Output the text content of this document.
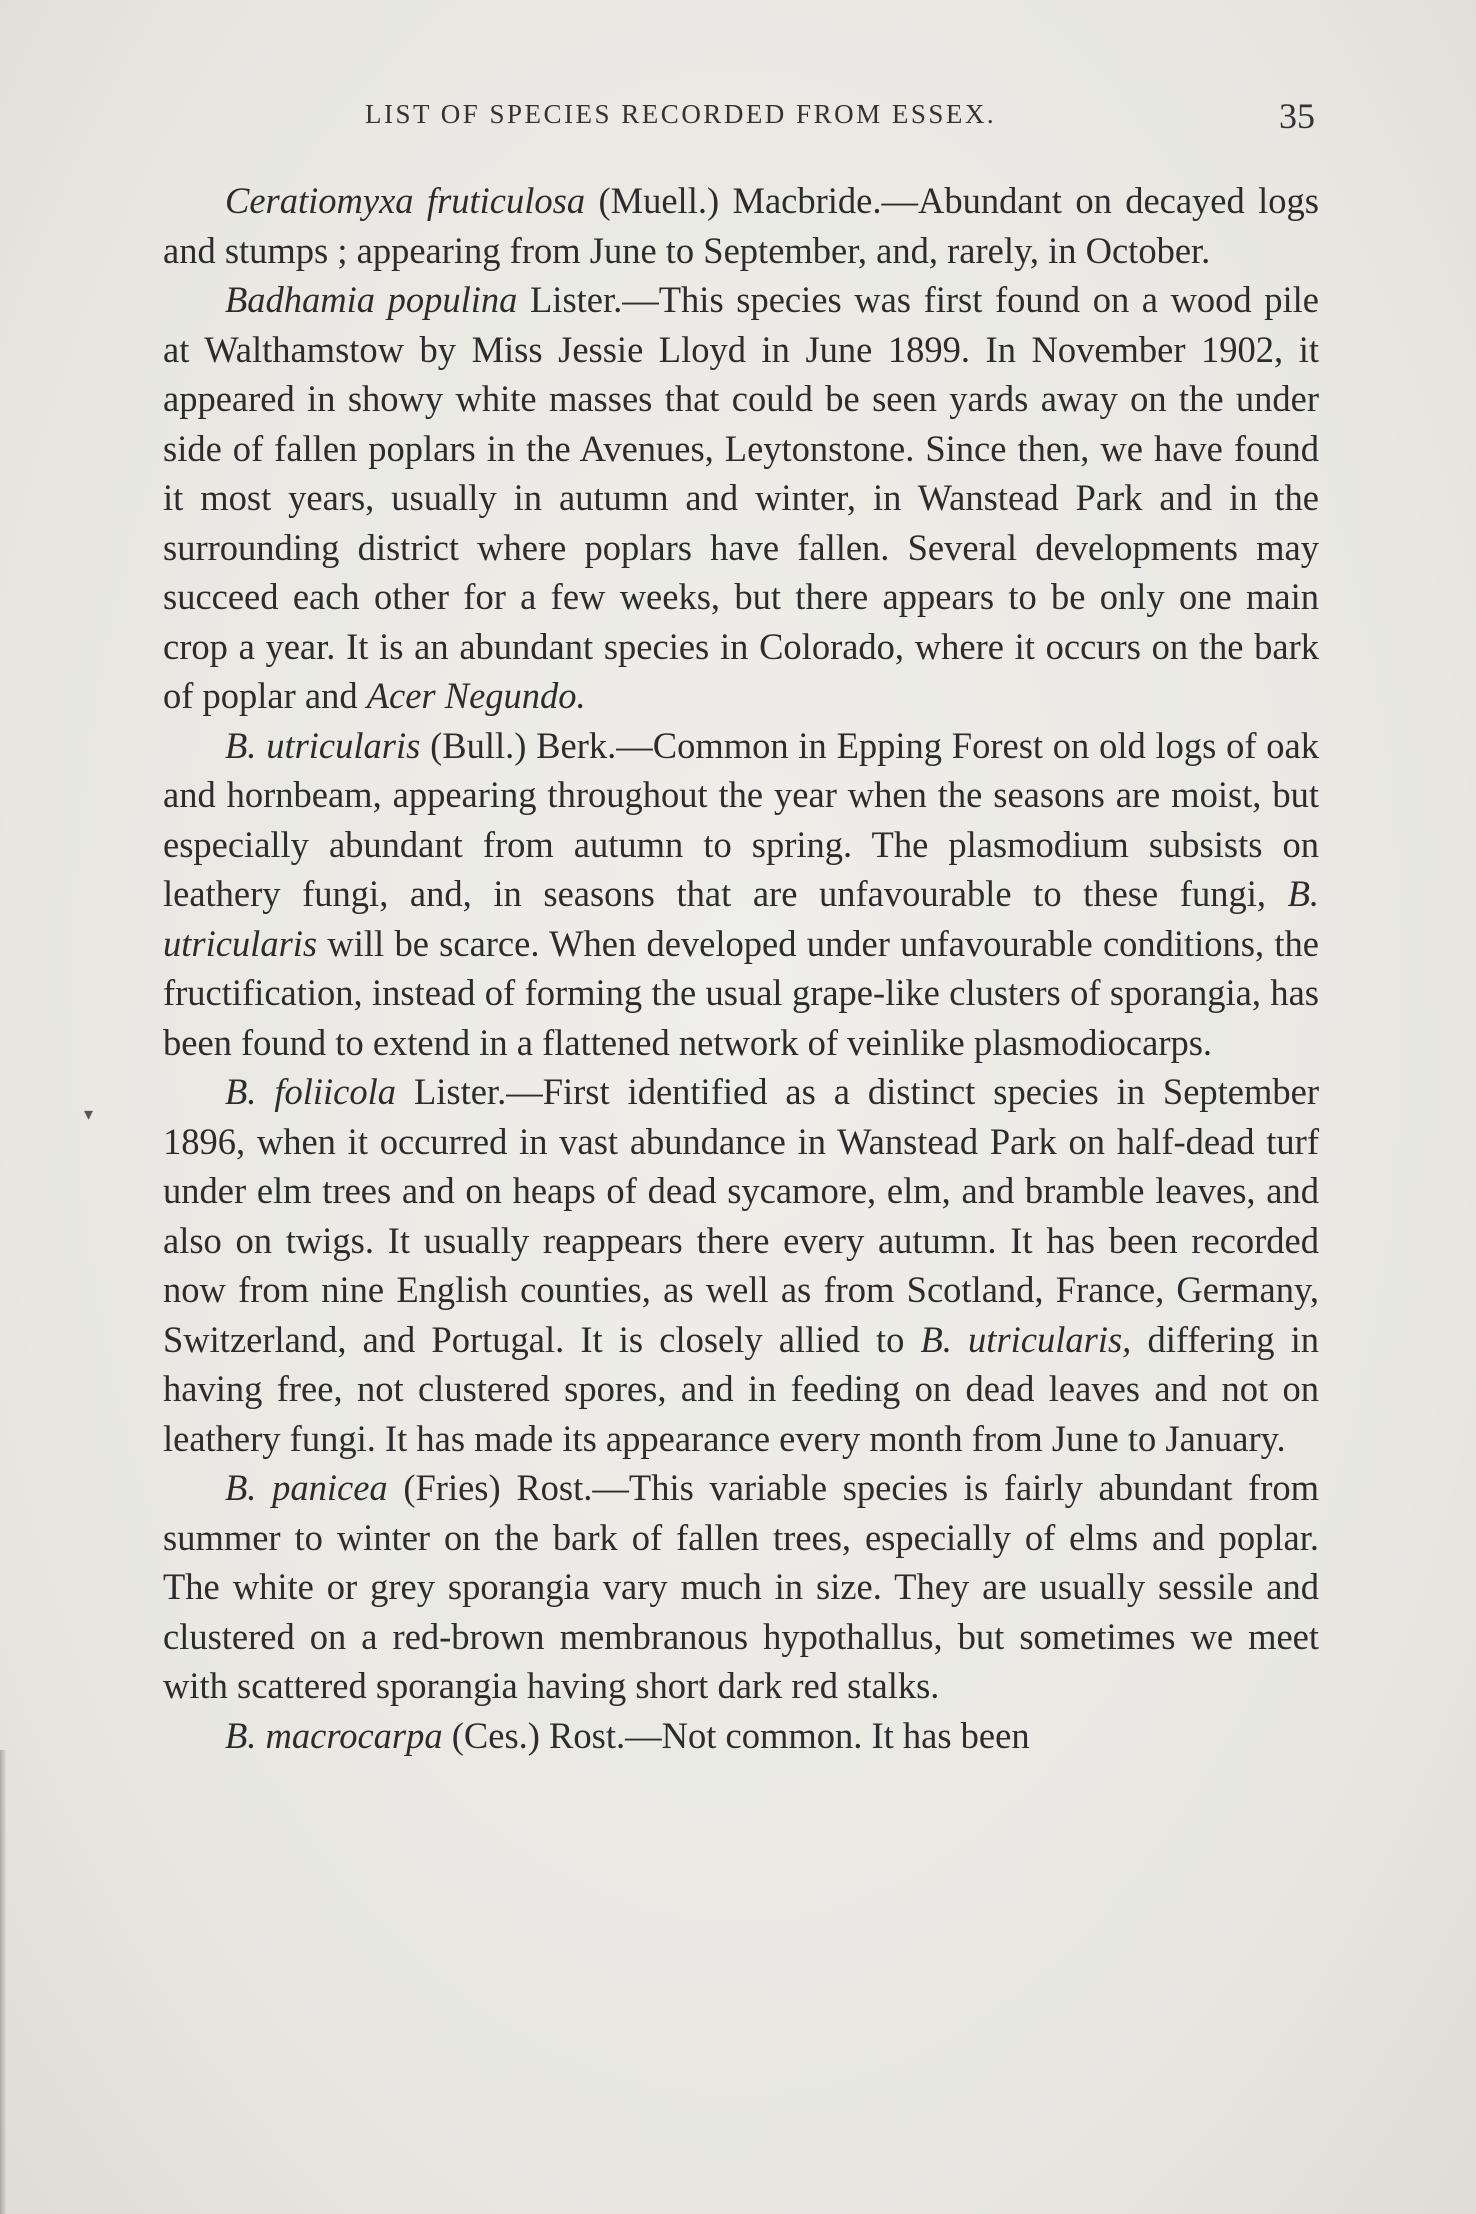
LIST OF SPECIES RECORDED FROM ESSEX.	35
▾

Ceratiomyxa fruticulosa (Muell.) Macbride.—Abundant on decayed logs and stumps ; appearing from June to September, and, rarely, in October.

Badhamia populina Lister.—This species was first found on a wood pile at Walthamstow by Miss Jessie Lloyd in June 1899. In November 1902, it appeared in showy white masses that could be seen yards away on the under side of fallen poplars in the Avenues, Leytonstone. Since then, we have found it most years, usually in autumn and winter, in Wanstead Park and in the surrounding district where poplars have fallen. Several developments may succeed each other for a few weeks, but there appears to be only one main crop a year. It is an abundant species in Colorado, where it occurs on the bark of poplar and Acer Negundo.

B. utricularis (Bull.) Berk.—Common in Epping Forest on old logs of oak and hornbeam, appearing throughout the year when the seasons are moist, but especially abundant from autumn to spring. The plasmodium subsists on leathery fungi, and, in seasons that are unfavourable to these fungi, B. utricularis will be scarce. When developed under unfavourable conditions, the fructification, instead of forming the usual grape-like clusters of sporangia, has been found to extend in a flattened network of veinlike plasmodiocarps.

B. foliicola Lister.—First identified as a distinct species in September 1896, when it occurred in vast abundance in Wanstead Park on half-dead turf under elm trees and on heaps of dead sycamore, elm, and bramble leaves, and also on twigs. It usually reappears there every autumn. It has been recorded now from nine English counties, as well as from Scotland, France, Germany, Switzerland, and Portugal. It is closely allied to B. utricularis, differing in having free, not clustered spores, and in feeding on dead leaves and not on leathery fungi. It has made its appearance every month from June to January.

B. panicea (Fries) Rost.—This variable species is fairly abundant from summer to winter on the bark of fallen trees, especially of elms and poplar. The white or grey sporangia vary much in size. They are usually sessile and clustered on a red-brown membranous hypothallus, but sometimes we meet with scattered sporangia having short dark red stalks.

B. macrocarpa (Ces.) Rost.—Not common. It has been
